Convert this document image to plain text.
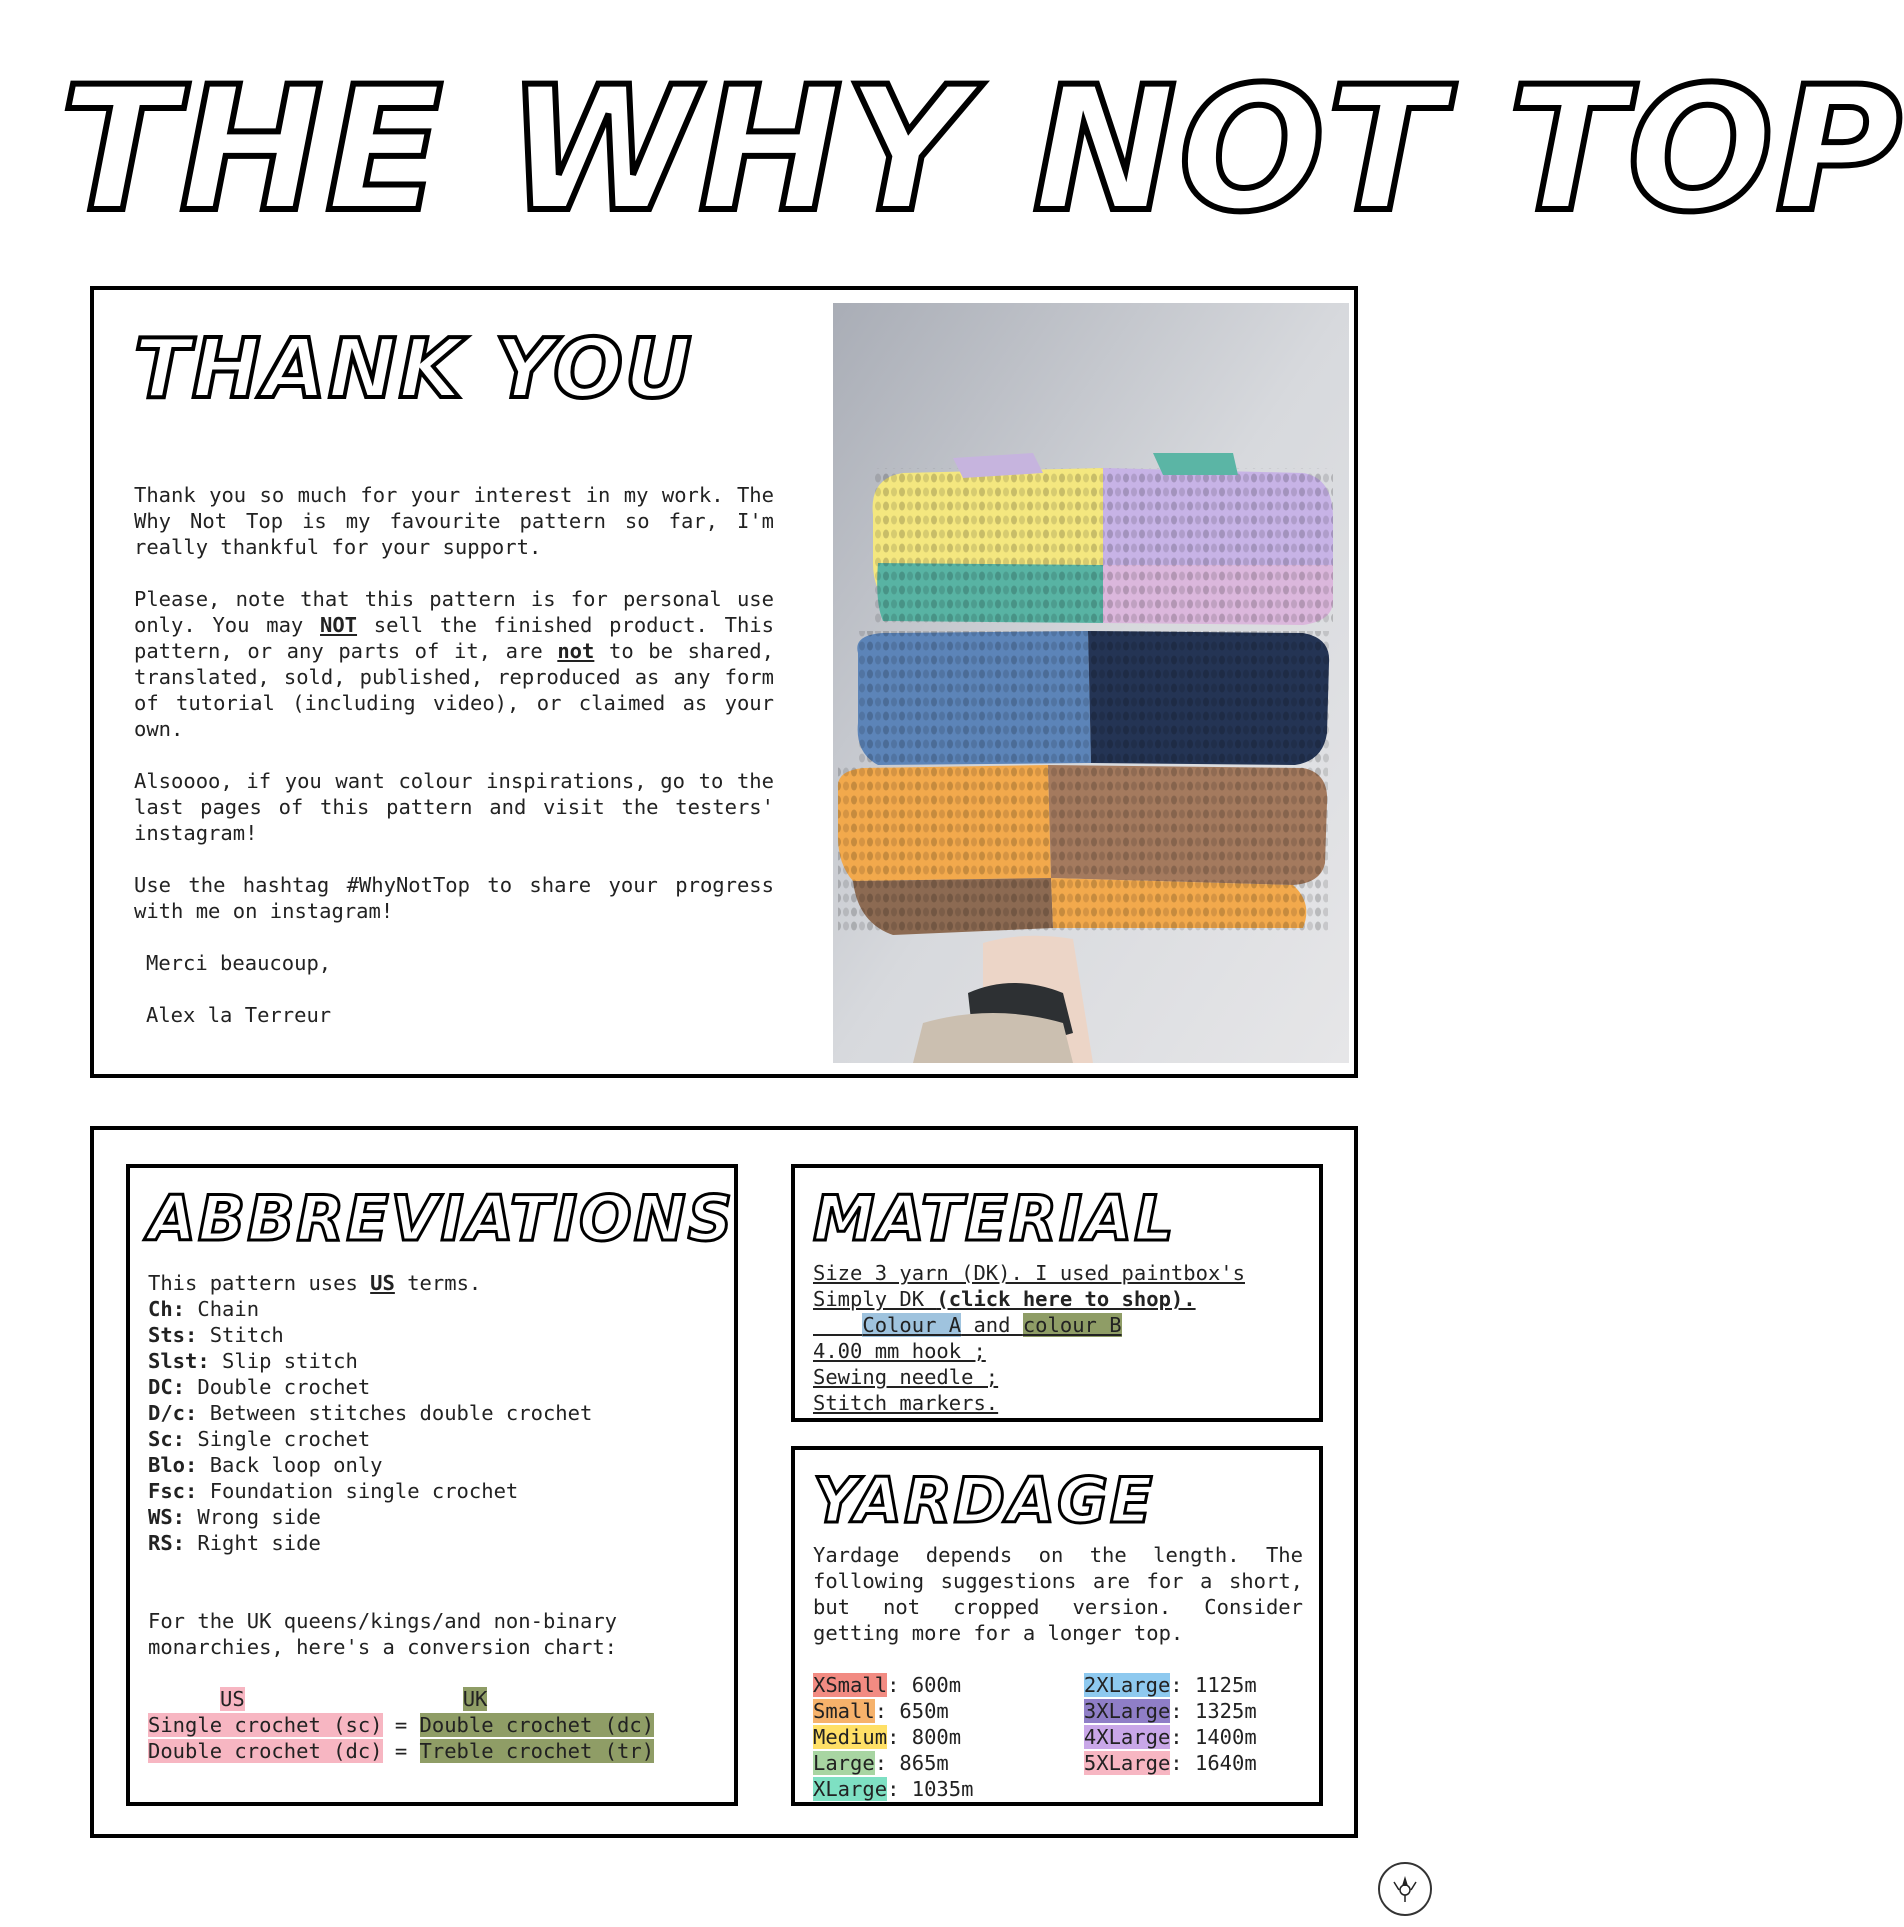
THE WHY NOT TOP
THANK YOU

Thank you so much for your interest in my work. The Why Not Top is my favourite pattern so far, I'm really thankful for your support.

Please, note that this pattern is for personal use only. You may NOT sell the finished product. This pattern, or any parts of it, are not to be shared, translated, sold, published, reproduced as any form of tutorial (including video), or claimed as your own.

Alsoooo, if you want colour inspirations, go to the last pages of this pattern and visit the testers' instagram!

Use the hashtag #WhyNotTop to share your progress with me on instagram!

Merci beaucoup,

Alex la Terreur

ABBREVIATIONS
This pattern uses US terms.
Ch: Chain
Sts: Stitch
Slst: Slip stitch
DC: Double crochet
D/c: Between stitches double crochet
Sc: Single crochet
Blo: Back loop only
Fsc: Foundation single crochet
WS: Wrong side
RS: Right side
For the UK queens/kings/and non-binary monarchies, here's a conversion chart:
US	UK
Single crochet (sc) = Double crochet (dc)
Double crochet (dc) = Treble crochet (tr)
MATERIAL
Size 3 yarn (DK). I used paintbox's
Simply DK (click here to shop).
Colour A and colour B
4.00 mm hook ;
Sewing needle ;
Stitch markers.
YARDAGE
Yardage depends on the length. The following suggestions are for a short, but not cropped version. Consider getting more for a longer top.
XSmall: 600m
Small: 650m
Medium: 800m
Large: 865m
XLarge: 1035m
2XLarge: 1125m
3XLarge: 1325m
4XLarge: 1400m
5XLarge: 1640m
